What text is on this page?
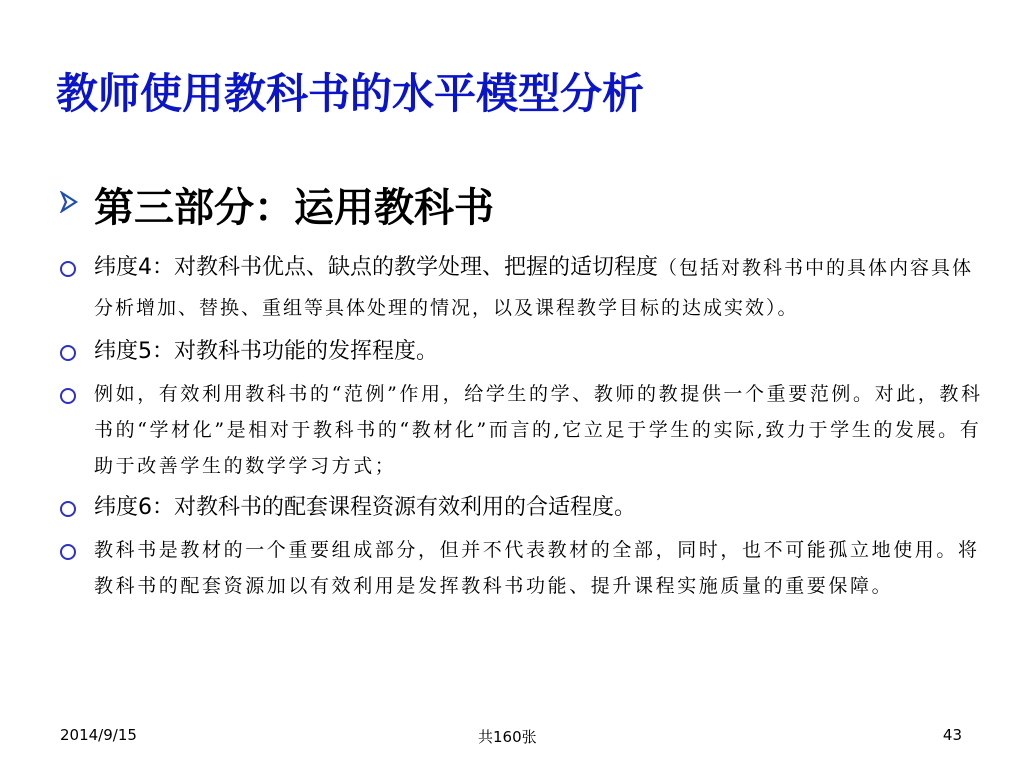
教师使用教科书的水平模型分析
第三部分：运用教科书
纬度4：对教科书优点、缺点的教学处理、把握的适切程度（包括对教科书中的具体内容具体分析增加、替换、重组等具体处理的情况，以及课程教学目标的达成实效）。
纬度5：对教科书功能的发挥程度。
例如，有效利用教科书的“范例”作用，给学生的学、教师的教提供一个重要范例。对此，教科书的“学材化”是相对于教科书的“教材化”而言的,它立足于学生的实际,致力于学生的发展。有助于改善学生的数学学习方式；
纬度6：对教科书的配套课程资源有效利用的合适程度。
教科书是教材的一个重要组成部分，但并不代表教材的全部，同时，也不可能孤立地使用。将教科书的配套资源加以有效利用是发挥教科书功能、提升课程实施质量的重要保障。
2014/9/15	共160张	43
